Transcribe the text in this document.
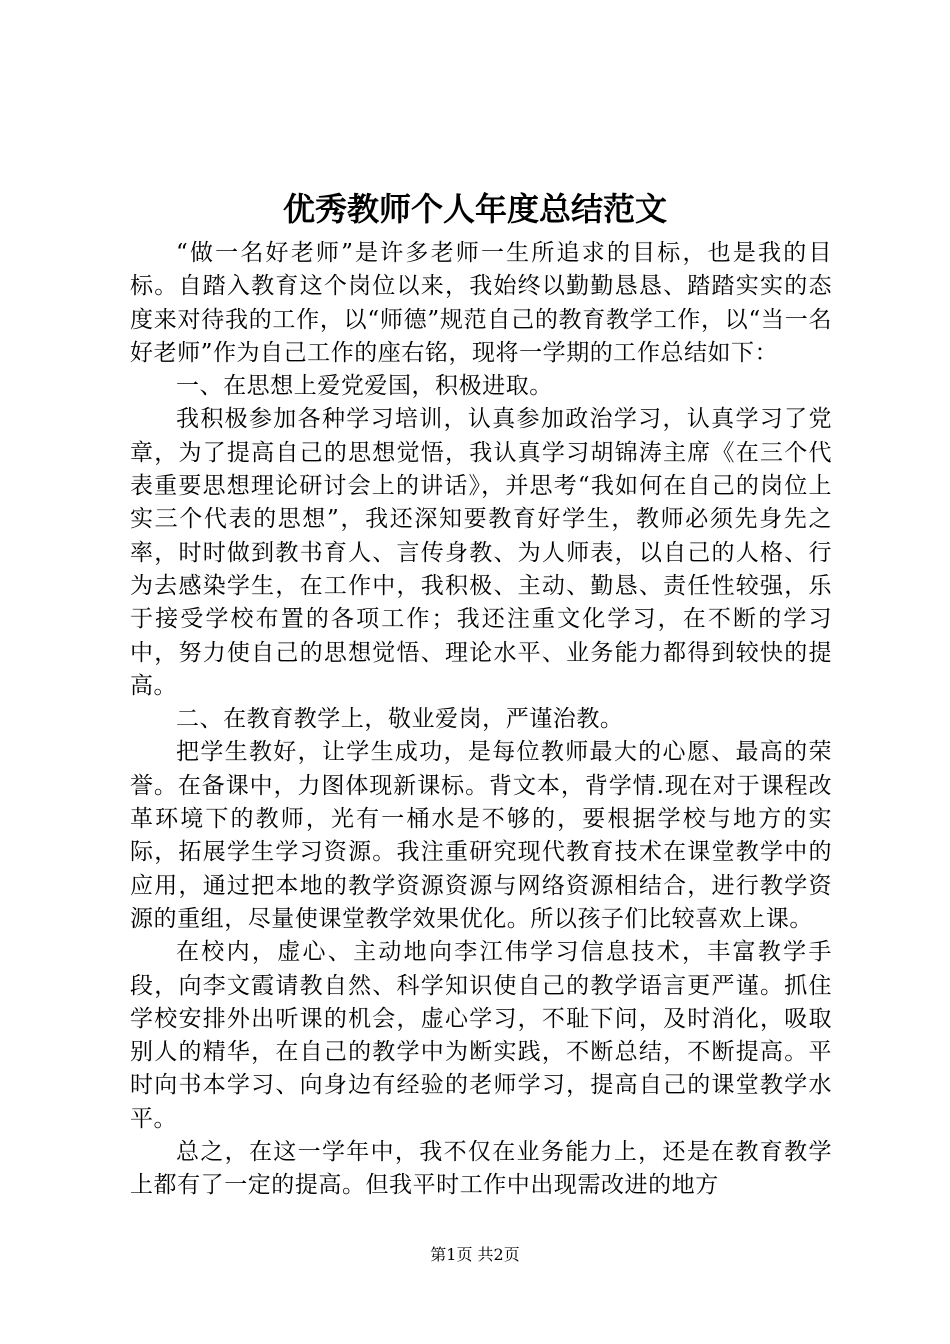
优秀教师个人年度总结范文

“做一名好老师”是许多老师一生所追求的目标，也是我的目标。自踏入教育这个岗位以来，我始终以勤勤恳恳、踏踏实实的态度来对待我的工作，以“师德”规范自己的教育教学工作，以“当一名好老师”作为自己工作的座右铭，现将一学期的工作总结如下：

一、在思想上爱党爱国，积极进取。

我积极参加各种学习培训，认真参加政治学习，认真学习了党章，为了提高自己的思想觉悟，我认真学习胡锦涛主席《在三个代表重要思想理论研讨会上的讲话》，并思考“我如何在自己的岗位上实三个代表的思想”，我还深知要教育好学生，教师必须先身先之率，时时做到教书育人、言传身教、为人师表，以自己的人格、行为去感染学生，在工作中，我积极、主动、勤恳、责任性较强，乐于接受学校布置的各项工作；我还注重文化学习，在不断的学习中，努力使自己的思想觉悟、理论水平、业务能力都得到较快的提高。

二、在教育教学上，敬业爱岗，严谨治教。

把学生教好，让学生成功，是每位教师最大的心愿、最高的荣誉。在备课中，力图体现新课标。背文本，背学情.现在对于课程改革环境下的教师，光有一桶水是不够的，要根据学校与地方的实际，拓展学生学习资源。我注重研究现代教育技术在课堂教学中的应用，通过把本地的教学资源资源与网络资源相结合，进行教学资源的重组，尽量使课堂教学效果优化。所以孩子们比较喜欢上课。

在校内，虚心、主动地向李江伟学习信息技术，丰富教学手段，向李文霞请教自然、科学知识使自己的教学语言更严谨。抓住学校安排外出听课的机会，虚心学习，不耻下问，及时消化，吸取别人的精华，在自己的教学中为断实践，不断总结，不断提高。平时向书本学习、向身边有经验的老师学习，提高自己的课堂教学水平。

总之，在这一学年中，我不仅在业务能力上，还是在教育教学上都有了一定的提高。但我平时工作中出现需改进的地方

第1页 共2页
